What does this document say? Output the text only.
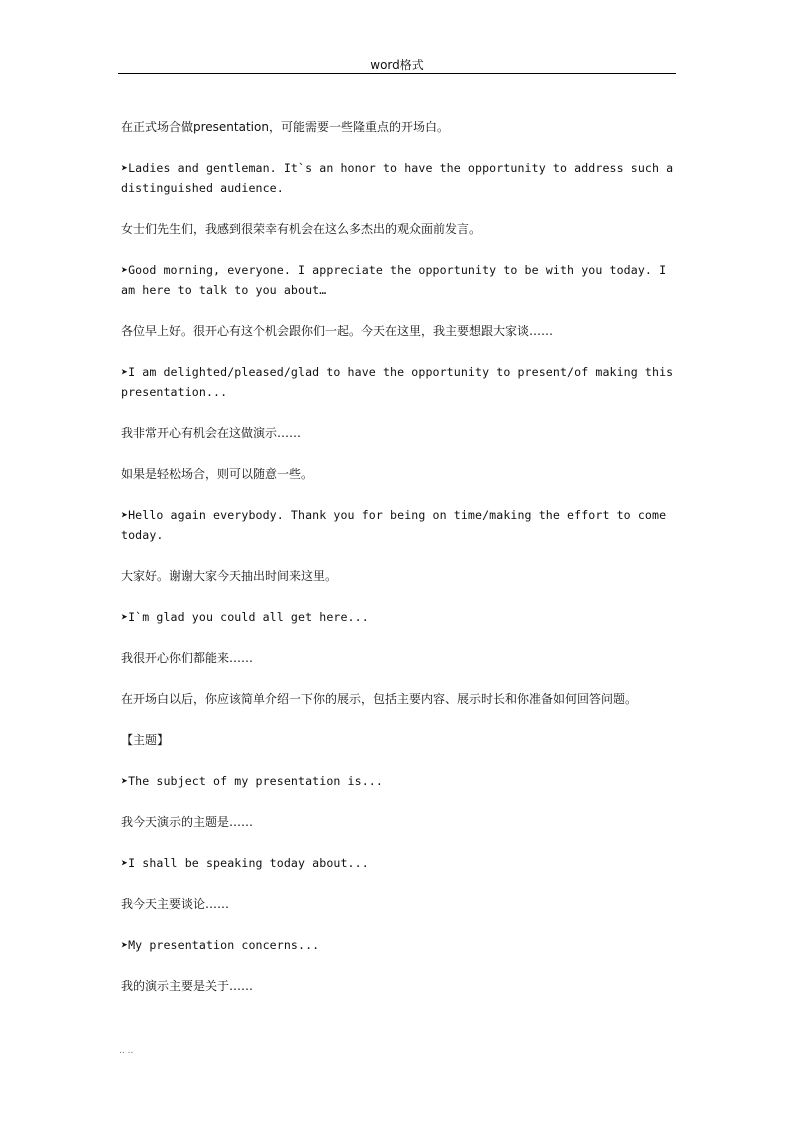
word格式

在正式场合做presentation，可能需要一些隆重点的开场白。

➤Ladies and gentleman. It`s an honor to have the opportunity to address such a distinguished audience.

女士们先生们，我感到很荣幸有机会在这么多杰出的观众面前发言。

➤Good morning, everyone. I appreciate the opportunity to be with you today. I am here to talk to you about…

各位早上好。很开心有这个机会跟你们一起。今天在这里，我主要想跟大家谈……

➤I am delighted/pleased/glad to have the opportunity to present/of making this presentation...

我非常开心有机会在这做演示……

如果是轻松场合，则可以随意一些。

➤Hello again everybody. Thank you for being on time/making the effort to come today.

大家好。谢谢大家今天抽出时间来这里。

➤I`m glad you could all get here...

我很开心你们都能来……

在开场白以后，你应该简单介绍一下你的展示，包括主要内容、展示时长和你准备如何回答问题。

【主题】

➤The subject of my presentation is...

我今天演示的主题是……

➤I shall be speaking today about...

我今天主要谈论……

➤My presentation concerns...

我的演示主要是关于……

.. ..
